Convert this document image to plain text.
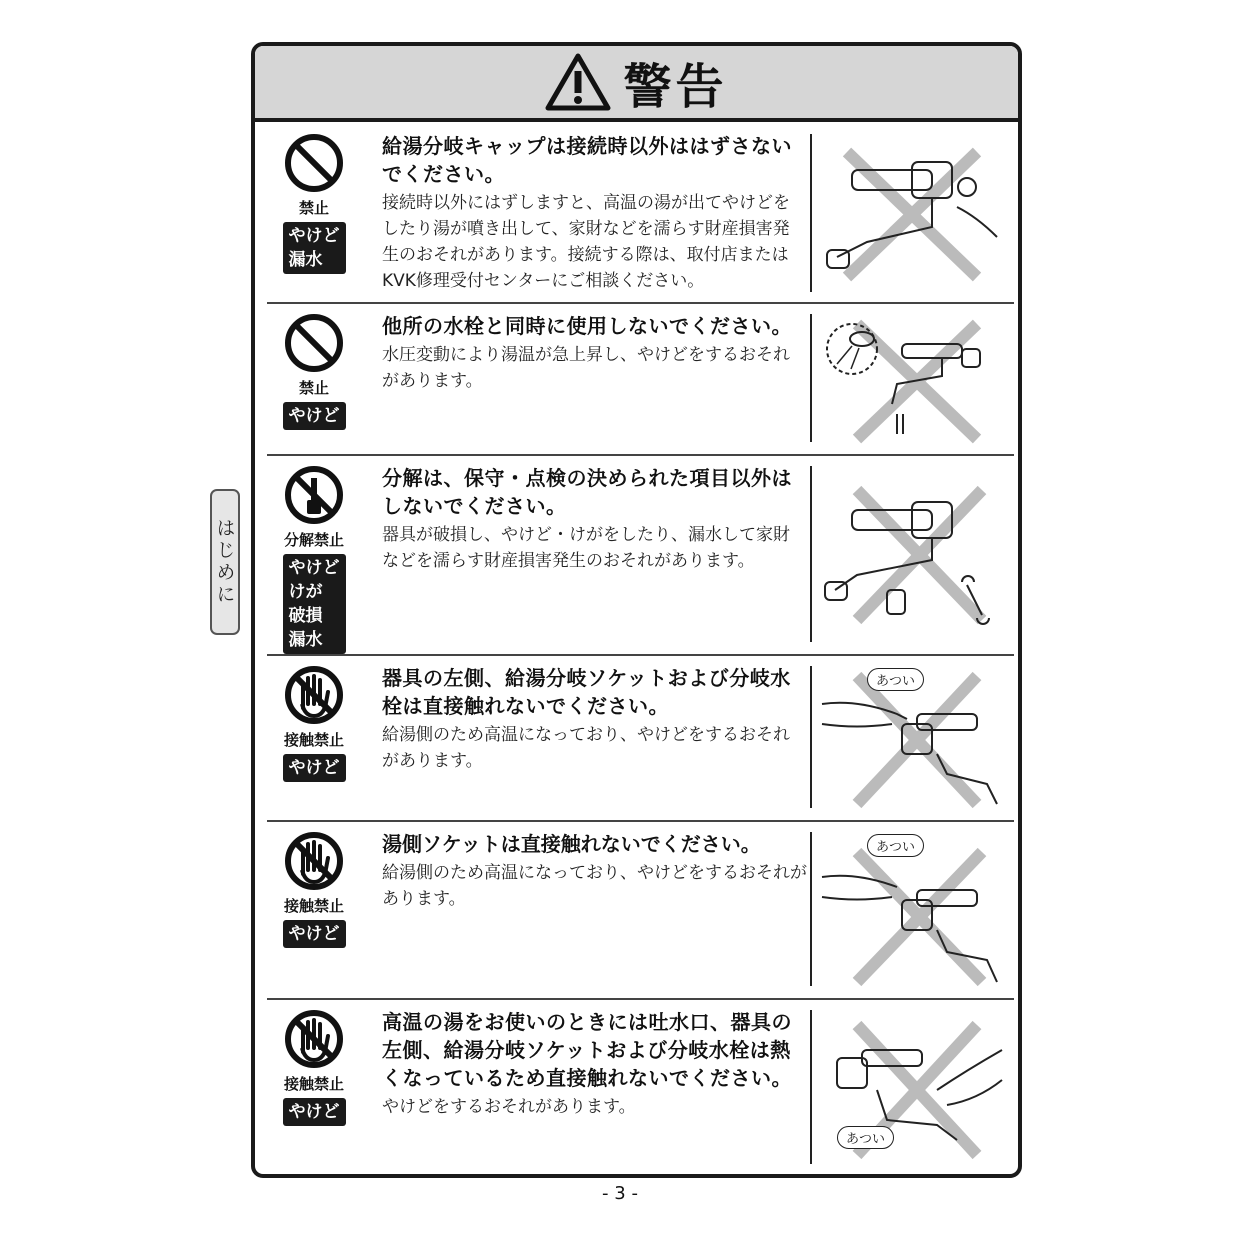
はじめに
警告
禁止
やけど
漏水
給湯分岐キャップは接続時以外ははずさないでください。
接続時以外にはずしますと、高温の湯が出てやけどをしたり湯が噴き出して、家財などを濡らす財産損害発生のおそれがあります。接続する際は、取付店またはKVK修理受付センターにご相談ください。
禁止
やけど
他所の水栓と同時に使用しないでください。
水圧変動により湯温が急上昇し、やけどをするおそれがあります。
分解禁止
やけど
けが
破損
漏水
分解は、保守・点検の決められた項目以外はしないでください。
器具が破損し、やけど・けがをしたり、漏水して家財などを濡らす財産損害発生のおそれがあります。
接触禁止
やけど
器具の左側、給湯分岐ソケットおよび分岐水栓は直接触れないでください。
給湯側のため高温になっており、やけどをするおそれがあります。
あつい
接触禁止
やけど
湯側ソケットは直接触れないでください。
給湯側のため高温になっており、やけどをするおそれがあります。
あつい
接触禁止
やけど
高温の湯をお使いのときには吐水口、器具の左側、給湯分岐ソケットおよび分岐水栓は熱くなっているため直接触れないでください。
やけどをするおそれがあります。
あつい
- 3 -
